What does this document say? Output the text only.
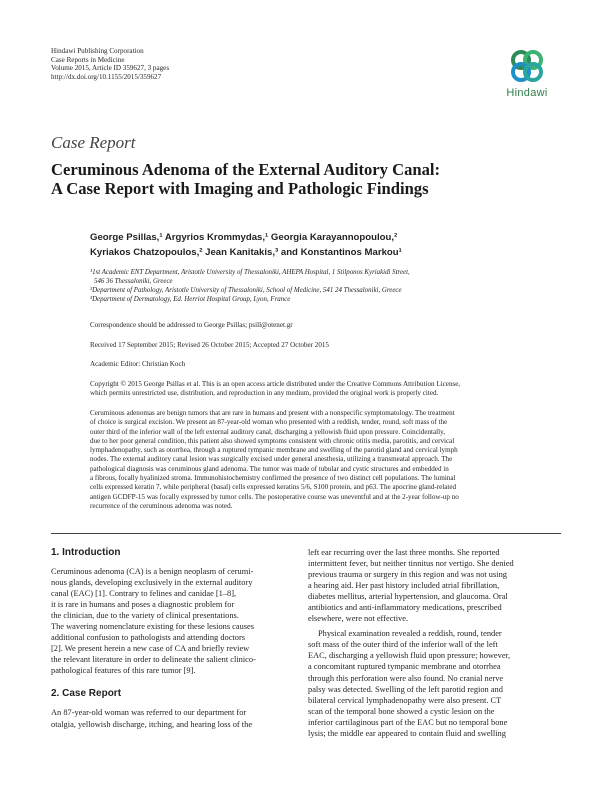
Hindawi Publishing Corporation
Case Reports in Medicine
Volume 2015, Article ID 359627, 3 pages
http://dx.doi.org/10.1155/2015/359627
Hindawi
Case Report
Ceruminous Adenoma of the External Auditory Canal:
A Case Report with Imaging and Pathologic Findings
George Psillas,¹ Argyrios Krommydas,¹ Georgia Karayannopoulou,²
Kyriakos Chatzopoulos,² Jean Kanitakis,³ and Konstantinos Markou¹
¹1st Academic ENT Department, Aristotle University of Thessaloniki, AHEPA Hospital, 1 Stilponos Kyriakidi Street,
546 36 Thessaloniki, Greece
²Department of Pathology, Aristotle University of Thessaloniki, School of Medicine, 541 24 Thessaloniki, Greece
³Department of Dermatology, Ed. Herriot Hospital Group, Lyon, France
Correspondence should be addressed to George Psillas; psill@otenet.gr
Received 17 September 2015; Revised 26 October 2015; Accepted 27 October 2015
Academic Editor: Christian Koch
Copyright © 2015 George Psillas et al. This is an open access article distributed under the Creative Commons Attribution License,
which permits unrestricted use, distribution, and reproduction in any medium, provided the original work is properly cited.
Ceruminous adenomas are benign tumors that are rare in humans and present with a nonspecific symptomatology. The treatment
of choice is surgical excision. We present an 87-year-old woman who presented with a reddish, tender, round, soft mass of the
outer third of the inferior wall of the left external auditory canal, discharging a yellowish fluid upon pressure. Coincidentally,
due to her poor general condition, this patient also showed symptoms consistent with chronic otitis media, parotitis, and cervical
lymphadenopathy, such as otorrhea, through a ruptured tympanic membrane and swelling of the parotid gland and cervical lymph
nodes. The external auditory canal lesion was surgically excised under general anesthesia, utilizing a transmeatal approach. The
pathological diagnosis was ceruminous gland adenoma. The tumor was made of tubular and cystic structures and embedded in
a fibrous, focally hyalinized stroma. Immunohistochemistry confirmed the presence of two distinct cell populations. The luminal
cells expressed keratin 7, while peripheral (basal) cells expressed keratins 5/6, S100 protein, and p63. The apocrine gland-related
antigen GCDFP-15 was focally expressed by tumor cells. The postoperative course was uneventful and at the 2-year follow-up no
recurrence of the ceruminous adenoma was noted.
1. Introduction
Ceruminous adenoma (CA) is a benign neoplasm of cerumi-
nous glands, developing exclusively in the external auditory
canal (EAC) [1]. Contrary to felines and canidae [1–8],
it is rare in humans and poses a diagnostic problem for
the clinician, due to the variety of clinical presentations.
The wavering nomenclature existing for these lesions causes
additional confusion to pathologists and attending doctors
[2]. We present herein a new case of CA and briefly review
the relevant literature in order to delineate the salient clinico-
pathological features of this rare tumor [9].
2. Case Report
An 87-year-old woman was referred to our department for
otalgia, yellowish discharge, itching, and hearing loss of the
left ear recurring over the last three months. She reported
intermittent fever, but neither tinnitus nor vertigo. She denied
previous trauma or surgery in this region and was not using
a hearing aid. Her past history included atrial fibrillation,
diabetes mellitus, arterial hypertension, and glaucoma. Oral
antibiotics and anti-inflammatory medications, prescribed
elsewhere, were not effective.
Physical examination revealed a reddish, round, tender
soft mass of the outer third of the inferior wall of the left
EAC, discharging a yellowish fluid upon pressure; however,
a concomitant ruptured tympanic membrane and otorrhea
through this perforation were also found. No cranial nerve
palsy was detected. Swelling of the left parotid region and
bilateral cervical lymphadenopathy were also present. CT
scan of the temporal bone showed a cystic lesion on the
inferior cartilaginous part of the EAC but no temporal bone
lysis; the middle ear appeared to contain fluid and swelling
